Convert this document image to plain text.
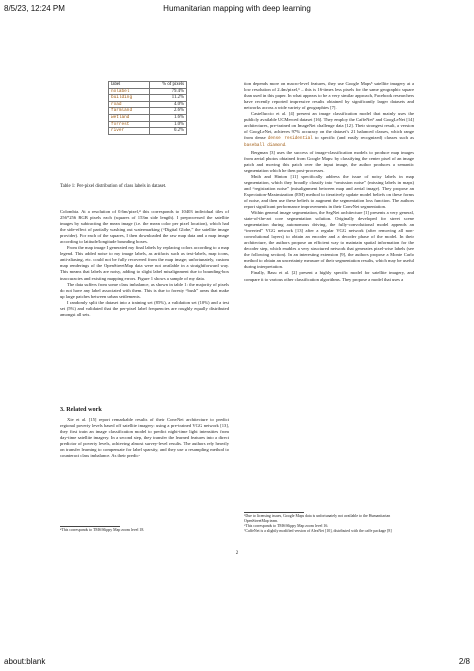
8/5/23, 12:24 PM	Humanitarian mapping with deep learning
label	% of pixels
nolabel	79.4%
building	11.2%
road	4.0%
farmland	2.6%
wetland	1.6%
forrest	1.0%
river	0.2%
Table 1: Per-pixel distribution of class labels in dataset.

Colombia. At a resolution of 0.6m/pixel,⁴ this corresponds to 10403 individual tiles of 256*256 RGB pixels each (squares of 153m side length). I preprocessed the satellite images by subtracting the mean image (i.e. the mean color per pixel location), which had the side-effect of partially washing out watermarking (“Digital Globe,” the satellite image provider). For each of the squares, I then downloaded the raw map data and a map image according to latitude/longitude bounding boxes.

From the map image I generated my final labels by replacing colors according to a map legend. This added noise to my image labels, as artifacts such as text-labels, map icons, anti-aliasing, etc. could not be fully recovered from the map image; unfortunately, custom map renderings of the OpenStreetMap data were not available in a straightforward way. This means that labels are noisy, adding to slight label misalignment due to bounding-box inaccuracies and existing mapping errors. Figure 1 shows a sample of my data.

The data suffers from some class imbalance, as shown in table 1: the majority of pixels do not have any label associated with them. This is due to foresty “bush” areas that make up large patches between urban settlements.

I randomly split the dataset into a training set (85%), a validation set (10%) and a test set (5%) and validated that the per-pixel label frequencies are roughly equally distributed amongst all sets.

3. Related work

Xie et al. [15] report remarkable results of their ConvNet architecture to predict regional poverty levels based off satellite imagery: using a pre-trained VGG network [13], they first train an image classification model to predict night-time light intensities from day-time satellite imagery. In a second step, they transfer the learned features into a direct predictor of poverty levels, achieving almost survey-level results. The authors rely heavily on transfer learning to compensate for label sparsity, and they use a resampling method to counteract class imbalance. As their predic-

⁴This corresponds to TMS/Slippy Map zoom level 18.

tion depends more on macro-level features, they use Google Maps⁵ satellite imagery at a low resolution of 2.4m/pixel,⁶ – this is 16-times less pixels for the same geographic square than used in this paper. In what appears to be a very similar approach, Facebook researchers have recently reported impressive results obtained by significantly larger datasets and networks across a wide variety of geographies [7].

Castelluccio et al. [4] present an image classification model that mainly uses the publicly available UCMerced dataset [16]. They employ the CaffeNet⁷ and GoogLeNet [14] architectures, pre-trained on ImageNet challenge data [12]. Their strongest result, a version of GoogLeNet, achieves 97% accuracy on the dataset’s 21 balanced classes, which range from dense dense residential to specific (and easily recognized) classes such as baseball diamond.

Bergman [3] uses the success of image-classification models to produce map images from aerial photos obtained from Google Maps: by classifying the center pixel of an image patch and moving this patch over the input image, the author produces a semantic segmentation which he then post-processes.

Mnih and Hinton [11] specifically address the issue of noisy labels in map segmentation, which they broadly classify into “omission noise” (missing labels in maps) and “registration noise” (misalignment between map and aerial image). They propose an Expectation-Maximization (EM) method to iteratively update model beliefs on these forms of noise, and then use these beliefs to augment the segmentation loss function. The authors report significant performance improvements in their ConvNet segmentation.

Within general image segmentation, the SegNet architecture [1] presents a very general, state-of-the-art core segmentation solution. Originally developed for street scene segmentation during autonomous driving, the fully-convolutional model appends an “inverted” VGG network [13] after a regular VGG network (after removing all non-convolutional layers) to obtain an encoder and a decoder phase of the model. In their architecture, the authors propose an efficient way to maintain spatial information for the decoder step, which enables a very structured network that generates pixel-wise labels (see the following section). In an interesting extension [9], the authors propose a Monte Carlo method to obtain an uncertainty measure of their segmentation results, which may be useful during interpretation.

Finally, Basu et al. [2] present a highly specific model for satellite imagery, and compare it to various other classification algorithms. They propose a model that uses a

⁵Due to licensing issues, Google Maps data is unfortunately not available to the Humanitarian OpenStreetMap team.
⁶This corresponds to TMS/Slippy Map zoom level 16.
⁷CaffeNet is a slightly modified version of AlexNet [10], distributed with the caffe package [8]
2
about:blank	2/8
